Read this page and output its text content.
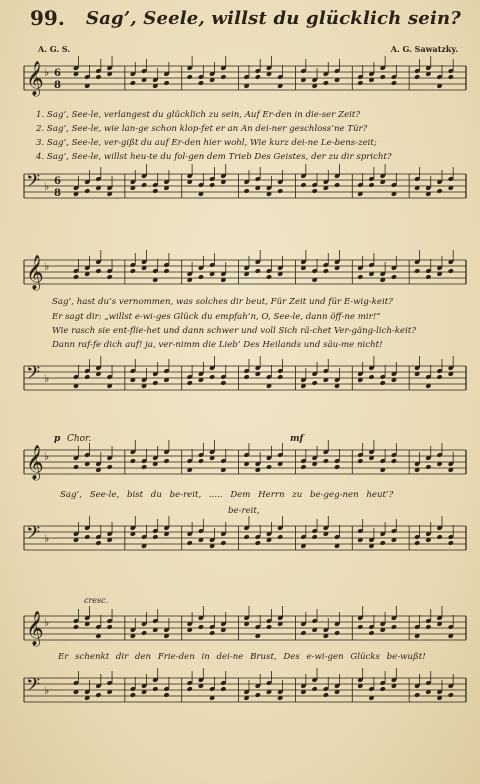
99. Sag’, Seele, willst du glücklich sein?
A. G. S.	A. G. Sawatzky.
𝄞 ♭ 6
8
1. Sag’, See-le, verlangest du glücklich zu sein, Auf Er-den in die-ser Zeit?
2. Sag’, See-le, wie lan-ge schon klop-fet er an An dei-ner geschloss’ne Tür?
3. Sag’, See-le, ver-gißt du auf Er-den hier wohl, Wie kurz dei-ne Le-bens-zeit;
4. Sag’, See-le, willst heu-te du fol-gen dem Trieb Des Geistes, der zu dir spricht?
𝄢 ♭ 6
8
𝄞 ♭
Sag’, hast du’s vernommen, was solches dir beut, Für Zeit und für E-wig-keit?
Er sagt dir: „willst e-wi-ges Glück du empfah’n, O, See-le, dann öff-ne mir!“
Wie rasch sie ent-flie-het und dann schwer und voll Sich rä-chet Ver-gäng-lich-keit?
Dann raf-fe dich auf! ja, ver-nimm die Lieb’ Des Heilands und säu-me nicht!
𝄢 ♭
p Chor.	mf
𝄞 ♭
Sag’, See-le, bist du be-reit, ..... Dem Herrn zu be-geg-nen heut’?
be-reit,
𝄢 ♭
cresc.
𝄞 ♭
Er schenkt dir den Frie-den in dei-ne Brust, Des e-wi-gen Glücks be-wußt!
𝄢 ♭
